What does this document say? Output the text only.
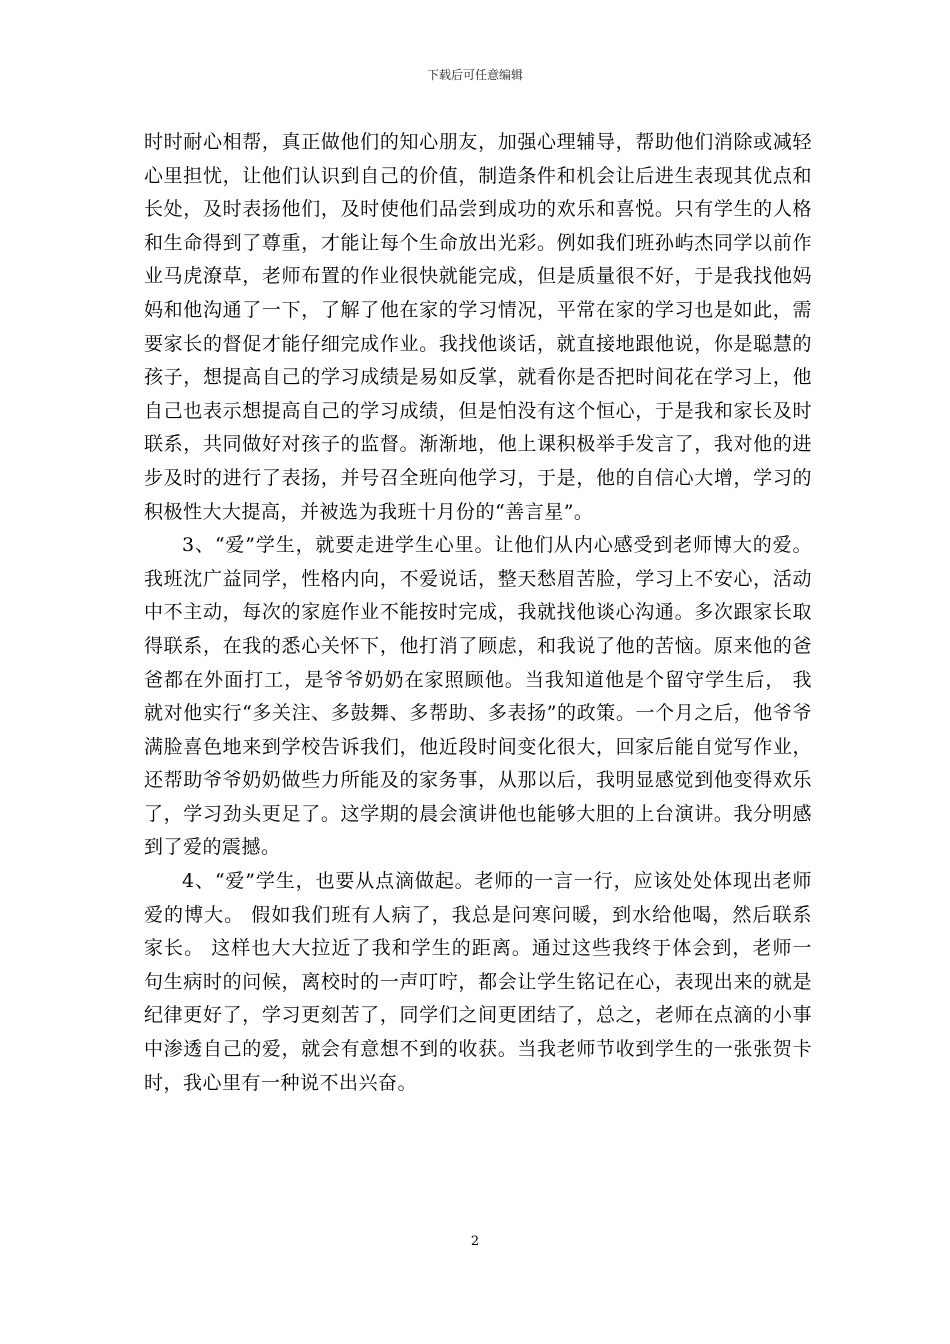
下载后可任意编辑

时时耐心相帮，真正做他们的知心朋友，加强心理辅导，帮助他们消除或减轻心里担忧，让他们认识到自己的价值，制造条件和机会让后进生表现其优点和长处，及时表扬他们，及时使他们品尝到成功的欢乐和喜悦。只有学生的人格和生命得到了尊重，才能让每个生命放出光彩。例如我们班孙屿杰同学以前作业马虎潦草，老师布置的作业很快就能完成，但是质量很不好，于是我找他妈妈和他沟通了一下，了解了他在家的学习情况，平常在家的学习也是如此，需要家长的督促才能仔细完成作业。我找他谈话，就直接地跟他说，你是聪慧的孩子，想提高自己的学习成绩是易如反掌，就看你是否把时间花在学习上，他自己也表示想提高自己的学习成绩，但是怕没有这个恒心，于是我和家长及时联系，共同做好对孩子的监督。渐渐地，他上课积极举手发言了，我对他的进步及时的进行了表扬，并号召全班向他学习，于是，他的自信心大增，学习的积极性大大提高，并被选为我班十月份的“善言星”。

3、“爱”学生，就要走进学生心里。让他们从内心感受到老师博大的爱。我班沈广益同学，性格内向，不爱说话，整天愁眉苦脸，学习上不安心，活动中不主动，每次的家庭作业不能按时完成，我就找他谈心沟通。多次跟家长取得联系，在我的悉心关怀下，他打消了顾虑，和我说了他的苦恼。原来他的爸爸都在外面打工，是爷爷奶奶在家照顾他。当我知道他是个留守学生后， 我就对他实行“多关注、多鼓舞、多帮助、多表扬”的政策。一个月之后，他爷爷满脸喜色地来到学校告诉我们，他近段时间变化很大，回家后能自觉写作业，还帮助爷爷奶奶做些力所能及的家务事，从那以后，我明显感觉到他变得欢乐了，学习劲头更足了。这学期的晨会演讲他也能够大胆的上台演讲。我分明感到了爱的震撼。

4、“爱”学生，也要从点滴做起。老师的一言一行，应该处处体现出老师爱的博大。 假如我们班有人病了，我总是问寒问暖，到水给他喝，然后联系家长。 这样也大大拉近了我和学生的距离。通过这些我终于体会到，老师一句生病时的问候，离校时的一声叮咛，都会让学生铭记在心，表现出来的就是纪律更好了，学习更刻苦了，同学们之间更团结了，总之，老师在点滴的小事中渗透自己的爱，就会有意想不到的收获。当我老师节收到学生的一张张贺卡时，我心里有一种说不出兴奋。

2
